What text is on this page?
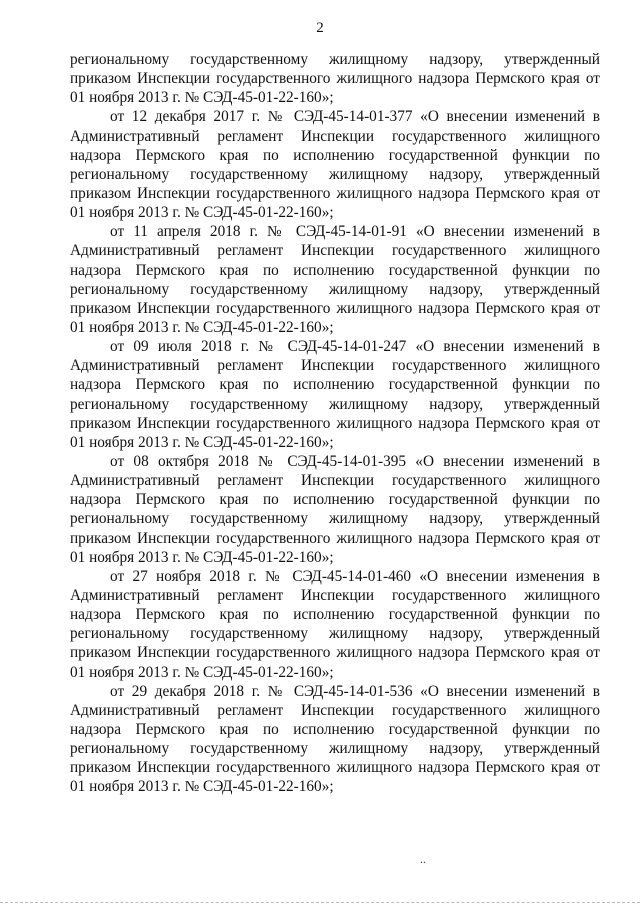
2
региональному государственному жилищному надзору, утвержденный
приказом Инспекции государственного жилищного надзора Пермского края от
01 ноября 2013 г. № СЭД-45-01-22-160»;
от 12 декабря 2017 г. № СЭД-45-14-01-377 «О внесении изменений в
Административный регламент Инспекции государственного жилищного
надзора Пермского края по исполнению государственной функции по
региональному государственному жилищному надзору, утвержденный
приказом Инспекции государственного жилищного надзора Пермского края от
01 ноября 2013 г. № СЭД-45-01-22-160»;
от 11 апреля 2018 г. № СЭД-45-14-01-91 «О внесении изменений в
Административный регламент Инспекции государственного жилищного
надзора Пермского края по исполнению государственной функции по
региональному государственному жилищному надзору, утвержденный
приказом Инспекции государственного жилищного надзора Пермского края от
01 ноября 2013 г. № СЭД-45-01-22-160»;
от 09 июля 2018 г. № СЭД-45-14-01-247 «О внесении изменений в
Административный регламент Инспекции государственного жилищного
надзора Пермского края по исполнению государственной функции по
региональному государственному жилищному надзору, утвержденный
приказом Инспекции государственного жилищного надзора Пермского края от
01 ноября 2013 г. № СЭД-45-01-22-160»;
от 08 октября 2018 № СЭД-45-14-01-395 «О внесении изменений в
Административный регламент Инспекции государственного жилищного
надзора Пермского края по исполнению государственной функции по
региональному государственному жилищному надзору, утвержденный
приказом Инспекции государственного жилищного надзора Пермского края от
01 ноября 2013 г. № СЭД-45-01-22-160»;
от 27 ноября 2018 г. № СЭД-45-14-01-460 «О внесении изменения в
Административный регламент Инспекции государственного жилищного
надзора Пермского края по исполнению государственной функции по
региональному государственному жилищному надзору, утвержденный
приказом Инспекции государственного жилищного надзора Пермского края от
01 ноября 2013 г. № СЭД-45-01-22-160»;
от 29 декабря 2018 г. № СЭД-45-14-01-536 «О внесении изменений в
Административный регламент Инспекции государственного жилищного
надзора Пермского края по исполнению государственной функции по
региональному государственному жилищному надзору, утвержденный
приказом Инспекции государственного жилищного надзора Пермского края от
01 ноября 2013 г. № СЭД-45-01-22-160»;
..
